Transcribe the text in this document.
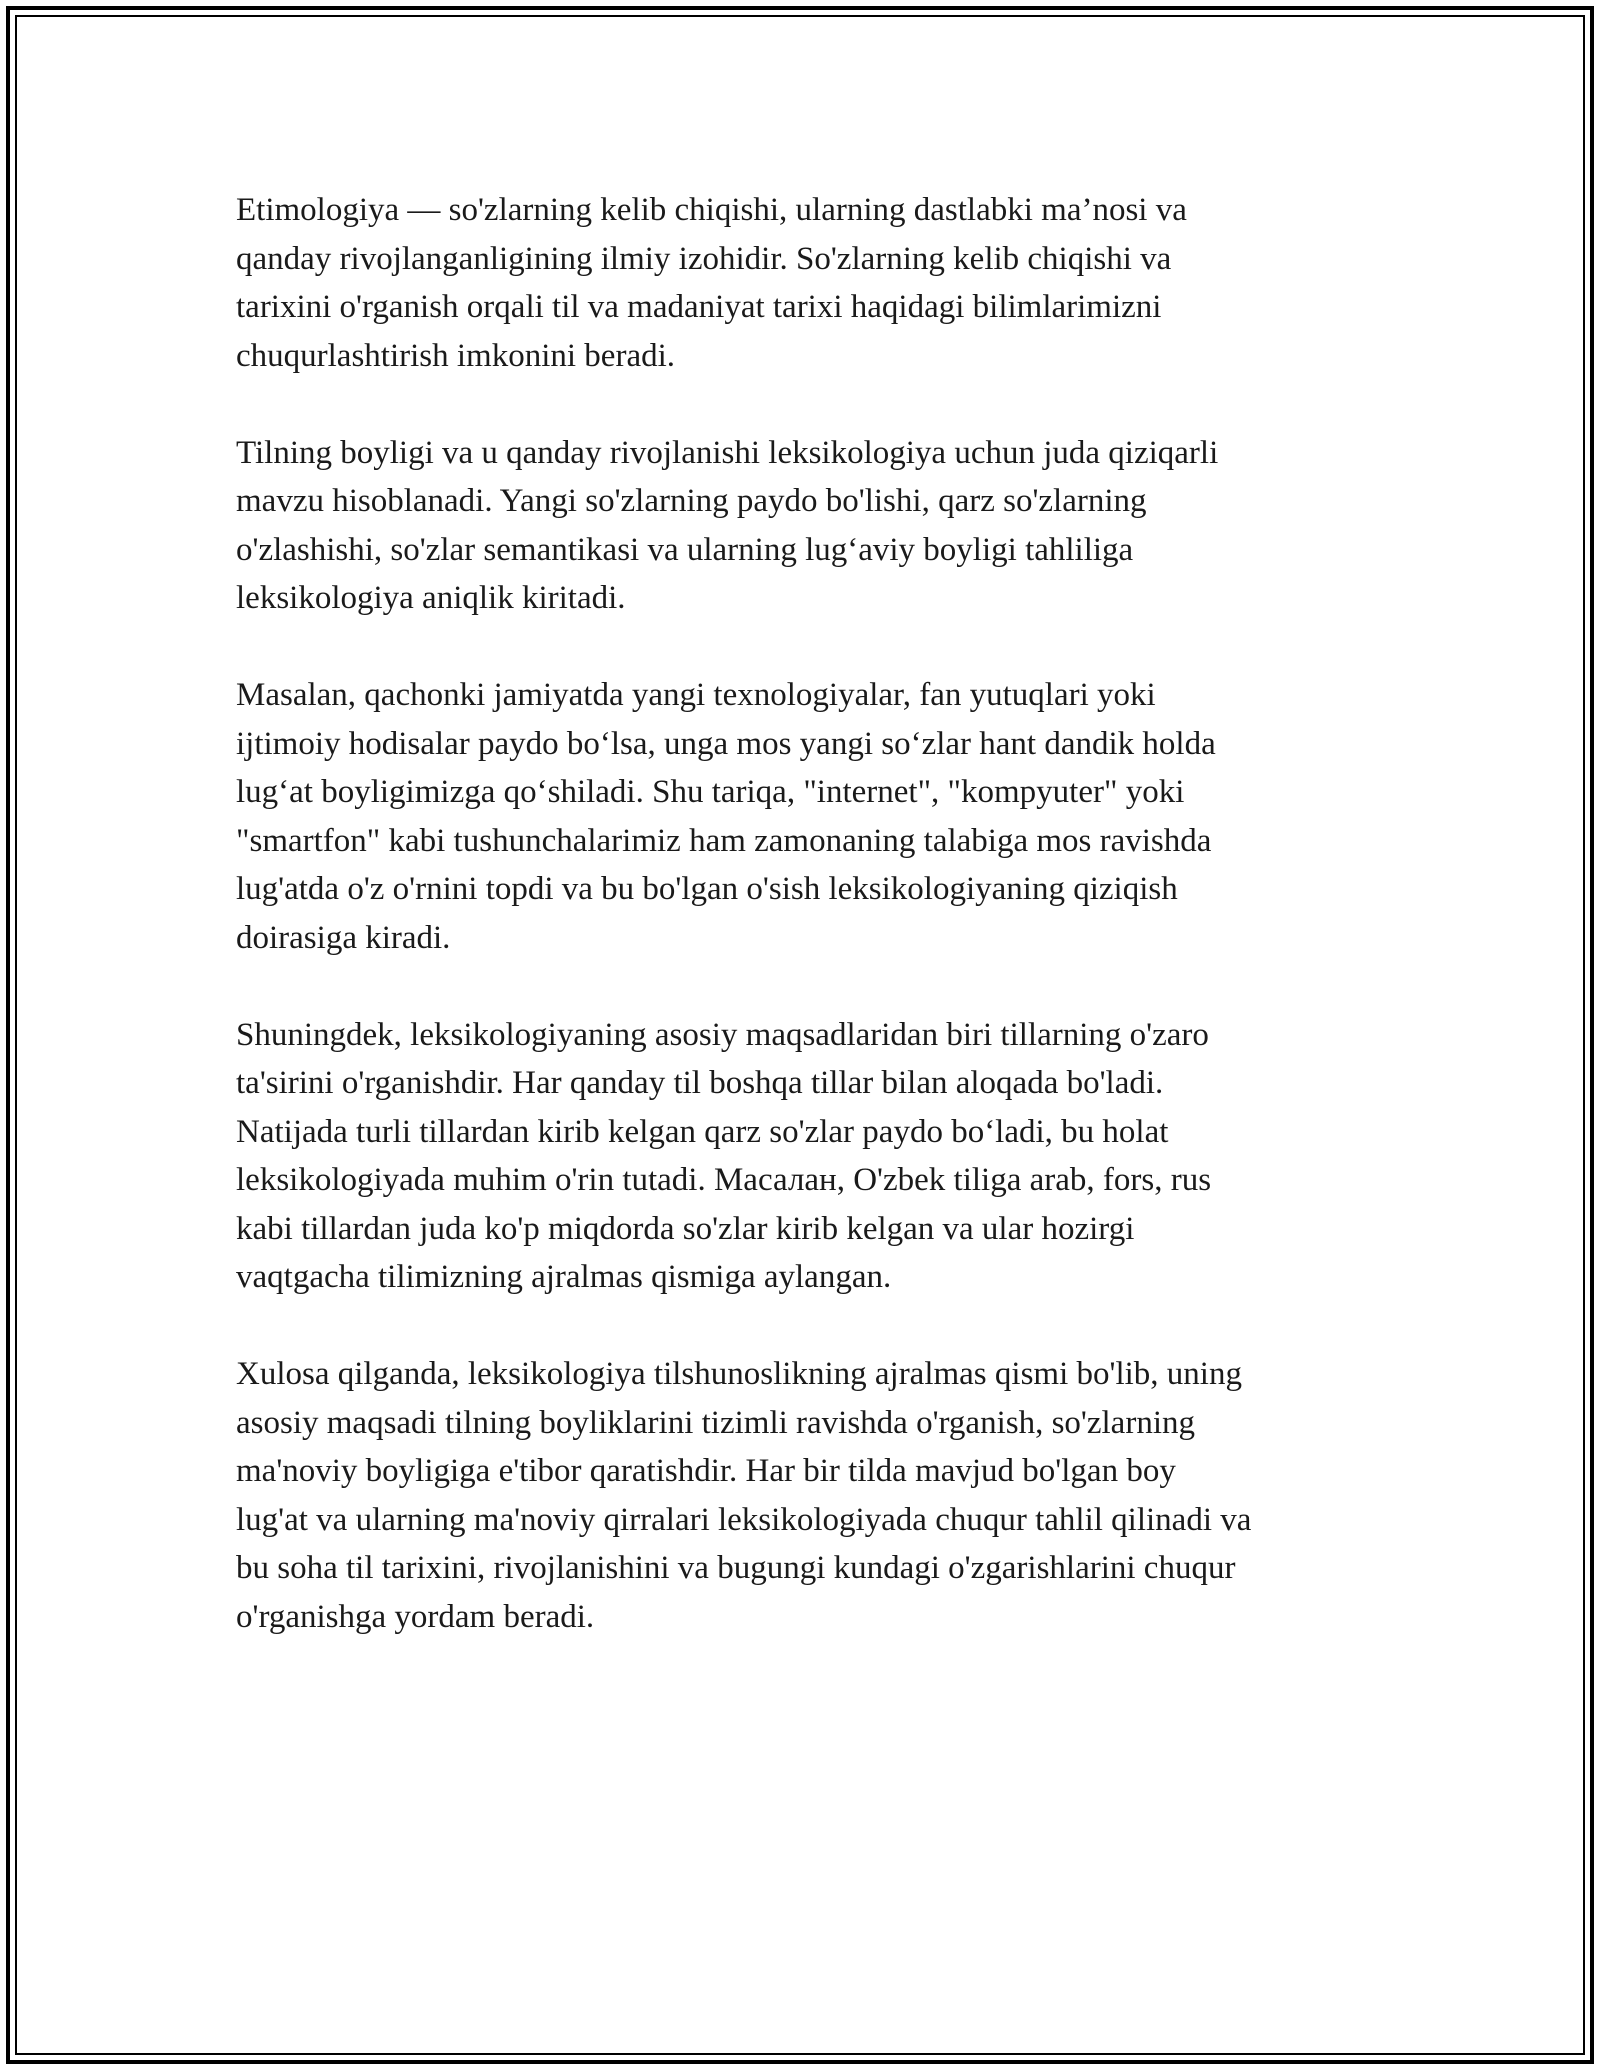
Etimologiya — so'zlarning kelib chiqishi, ularning dastlabki ma’nosi va
qanday rivojlanganligining ilmiy izohidir. So'zlarning kelib chiqishi va
tarixini o'rganish orqali til va madaniyat tarixi haqidagi bilimlarimizni
chuqurlashtirish imkonini beradi.
Tilning boyligi va u qanday rivojlanishi leksikologiya uchun juda qiziqarli
mavzu hisoblanadi. Yangi so'zlarning paydo bo'lishi, qarz so'zlarning
o'zlashishi, so'zlar semantikasi va ularning lug‘aviy boyligi tahliliga
leksikologiya aniqlik kiritadi.
Masalan, qachonki jamiyatda yangi texnologiyalar, fan yutuqlari yoki
ijtimoiy hodisalar paydo bo‘lsa, unga mos yangi so‘zlar hant dandik holda
lug‘at boyligimizga qo‘shiladi. Shu tariqa, "internet", "kompyuter" yoki
"smartfon" kabi tushunchalarimiz ham zamonaning talabiga mos ravishda
lug'atda o'z o'rnini topdi va bu bo'lgan o'sish leksikologiyaning qiziqish
doirasiga kiradi.
Shuningdek, leksikologiyaning asosiy maqsadlaridan biri tillarning o'zaro
ta'sirini o'rganishdir. Har qanday til boshqa tillar bilan aloqada bo'ladi.
Natijada turli tillardan kirib kelgan qarz so'zlar paydo bo‘ladi, bu holat
leksikologiyada muhim o'rin tutadi. Масалан, O'zbek tiliga arab, fors, rus
kabi tillardan juda ko'p miqdorda so'zlar kirib kelgan va ular hozirgi
vaqtgacha tilimizning ajralmas qismiga aylangan.
Xulosa qilganda, leksikologiya tilshunoslikning ajralmas qismi bo'lib, uning
asosiy maqsadi tilning boyliklarini tizimli ravishda o'rganish, so'zlarning
ma'noviy boyligiga e'tibor qaratishdir. Har bir tilda mavjud bo'lgan boy
lug'at va ularning ma'noviy qirralari leksikologiyada chuqur tahlil qilinadi va
bu soha til tarixini, rivojlanishini va bugungi kundagi o'zgarishlarini chuqur
o'rganishga yordam beradi.
